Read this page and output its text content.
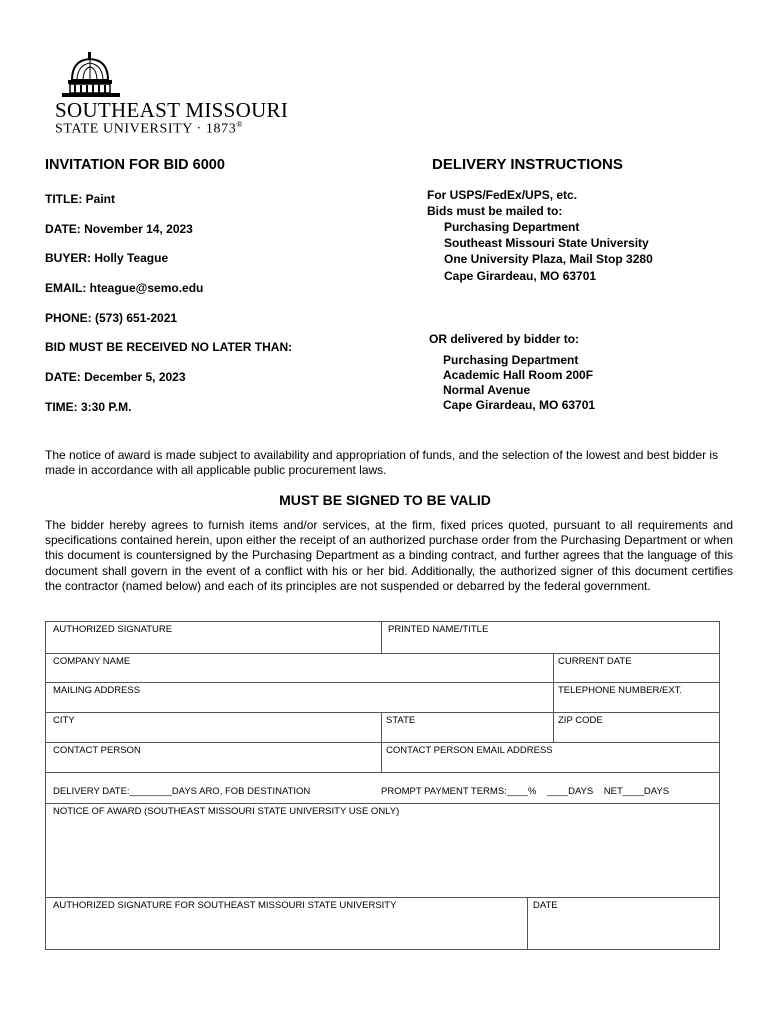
SOUTHEAST MISSOURI
STATE UNIVERSITY · 1873®
INVITATION FOR BID 6000
TITLE: Paint
DATE: November 14, 2023
BUYER: Holly Teague
EMAIL: hteague@semo.edu
PHONE: (573) 651-2021
BID MUST BE RECEIVED NO LATER THAN:
DATE: December 5, 2023
TIME: 3:30 P.M.
DELIVERY INSTRUCTIONS
For USPS/FedEx/UPS, etc.
Bids must be mailed to:
Purchasing Department
Southeast Missouri State University
One University Plaza, Mail Stop 3280
Cape Girardeau, MO 63701
OR delivered by bidder to:
Purchasing Department
Academic Hall Room 200F
Normal Avenue
Cape Girardeau, MO 63701
The notice of award is made subject to availability and appropriation of funds, and the selection of the lowest and best bidder is made in accordance with all applicable public procurement laws.
MUST BE SIGNED TO BE VALID
The bidder hereby agrees to furnish items and/or services, at the firm, fixed prices quoted, pursuant to all requirements and specifications contained herein, upon either the receipt of an authorized purchase order from the Purchasing Department or when this document is countersigned by the Purchasing Department as a binding contract, and further agrees that the language of this document shall govern in the event of a conflict with his or her bid. Additionally, the authorized signer of this document certifies the contractor (named below) and each of its principles are not suspended or debarred by the federal government.
AUTHORIZED SIGNATURE	PRINTED NAME/TITLE
COMPANY NAME	CURRENT DATE
MAILING ADDRESS	TELEPHONE NUMBER/EXT.
CITY	STATE	ZIP CODE
CONTACT PERSON	CONTACT PERSON EMAIL ADDRESS
DELIVERY DATE:________DAYS ARO, FOB DESTINATION	PROMPT PAYMENT TERMS:____%    ____DAYS    NET____DAYS
NOTICE OF AWARD (SOUTHEAST MISSOURI STATE UNIVERSITY USE ONLY)
AUTHORIZED SIGNATURE FOR SOUTHEAST MISSOURI STATE UNIVERSITY	DATE
